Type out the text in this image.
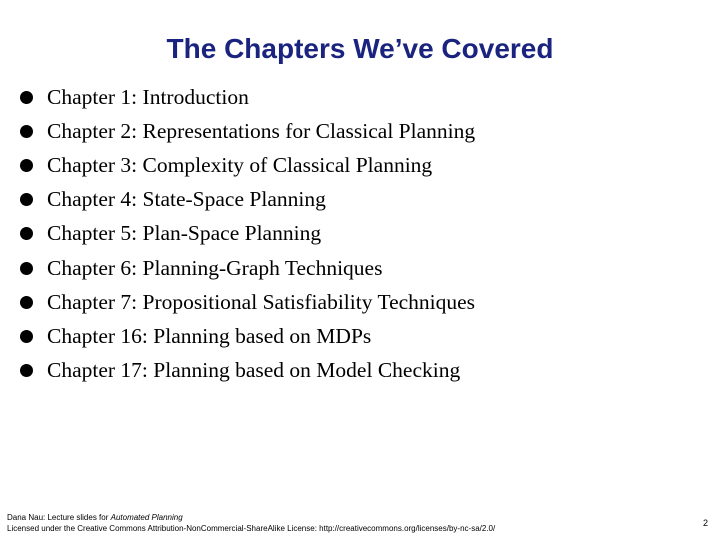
The Chapters We’ve Covered
Chapter 1: Introduction
Chapter 2: Representations for Classical Planning
Chapter 3: Complexity of Classical Planning
Chapter 4: State-Space Planning
Chapter 5: Plan-Space Planning
Chapter 6: Planning-Graph Techniques
Chapter 7: Propositional Satisfiability Techniques
Chapter 16: Planning based on MDPs
Chapter 17: Planning based on Model Checking
Dana Nau: Lecture slides for Automated Planning
Licensed under the Creative Commons Attribution-NonCommercial-ShareAlike License: http://creativecommons.org/licenses/by-nc-sa/2.0/
2
